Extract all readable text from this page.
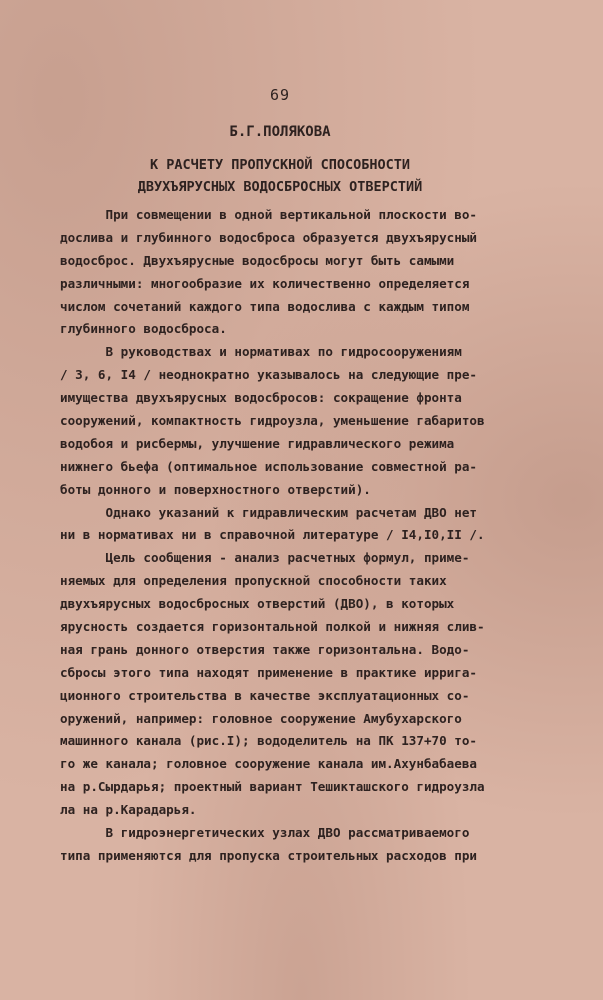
69
Б.Г.ПОЛЯКОВА
К РАСЧЕТУ ПРОПУСКНОЙ СПОСОБНОСТИ
ДВУХЪЯРУСНЫХ ВОДОСБРОСНЫХ ОТВЕРСТИЙ
При совмещении в одной вертикальной плоскости во-
дослива и глубинного водосброса образуется двухъярусный
водосброс. Двухъярусные водосбросы могут быть самыми
различными: многообразие их количественно определяется
числом сочетаний каждого типа водослива с каждым типом
глубинного водосброса.
В руководствах и нормативах по гидросооружениям
/ 3, 6, I4 / неоднократно указывалось на следующие пре-
имущества двухъярусных водосбросов: сокращение фронта
сооружений, компактность гидроузла, уменьшение габаритов
водобоя и рисбермы, улучшение гидравлического режима
нижнего бьефа (оптимальное использование совместной ра-
боты донного и поверхностного отверстий).
Однако указаний к гидравлическим расчетам ДВО нет
ни в нормативах ни в справочной литературе / I4,I0,II /.
Цель сообщения - анализ расчетных формул, приме-
няемых для определения пропускной способности таких
двухъярусных водосбросных отверстий (ДВО), в которых
ярусность создается горизонтальной полкой и нижняя слив-
ная грань донного отверстия также горизонтальна. Водо-
сбросы этого типа находят применение в практике ирригa-
ционного строительства в качестве эксплуатационных со-
оружений, например: головное сооружение Амубухарского
машинного канала (рис.I); вододелитель на ПК 137+70 то-
го же канала; головное сооружение канала им.Ахунбабаева
на р.Сырдарья; проектный вариант Тешикташского гидроузла
ла на р.Карадарья.
В гидроэнергетических узлах ДВО рассматриваемого
типа применяются для пропуска строительных расходов при
